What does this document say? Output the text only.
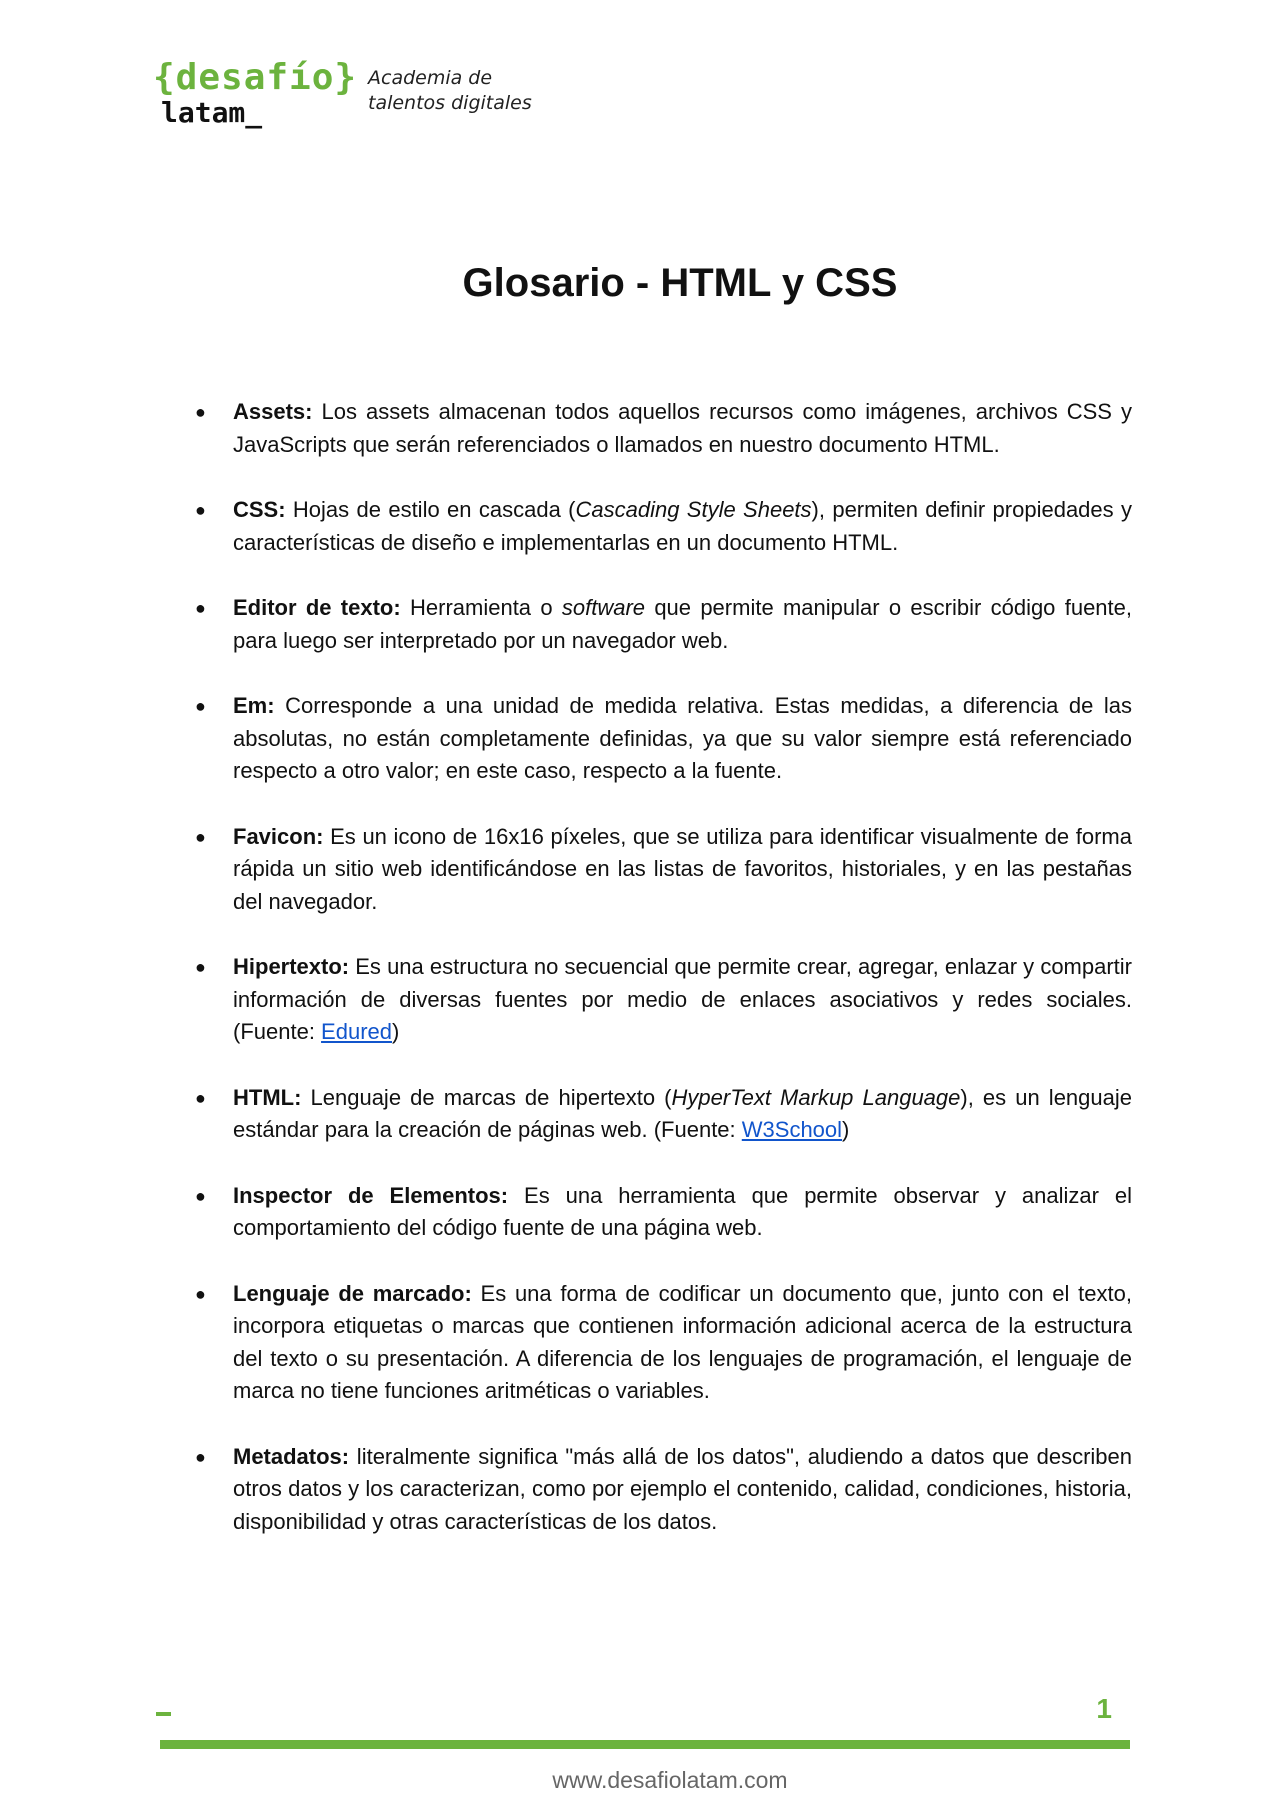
{desafío}
latam_
Academia de
talentos digitales
Glosario - HTML y CSS
● Assets: Los assets almacenan todos aquellos recursos como imágenes, archivos CSS y JavaScripts que serán referenciados o llamados en nuestro documento HTML.
● CSS: Hojas de estilo en cascada (Cascading Style Sheets), permiten definir propiedades y características de diseño e implementarlas en un documento HTML.
● Editor de texto: Herramienta o software que permite manipular o escribir código fuente, para luego ser interpretado por un navegador web.
● Em: Corresponde a una unidad de medida relativa. Estas medidas, a diferencia de las absolutas, no están completamente definidas, ya que su valor siempre está referenciado respecto a otro valor; en este caso, respecto a la fuente.
● Favicon: Es un icono de 16x16 píxeles, que se utiliza para identificar visualmente de forma rápida un sitio web identificándose en las listas de favoritos, historiales, y en las pestañas del navegador.
● Hipertexto: Es una estructura no secuencial que permite crear, agregar, enlazar y compartir información de diversas fuentes por medio de enlaces asociativos y redes sociales. (Fuente: Edured)
● HTML: Lenguaje de marcas de hipertexto (HyperText Markup Language), es un lenguaje estándar para la creación de páginas web. (Fuente: W3School)
● Inspector de Elementos: Es una herramienta que permite observar y analizar el comportamiento del código fuente de una página web.
● Lenguaje de marcado: Es una forma de codificar un documento que, junto con el texto, incorpora etiquetas o marcas que contienen información adicional acerca de la estructura del texto o su presentación. A diferencia de los lenguajes de programación, el lenguaje de marca no tiene funciones aritméticas o variables.
● Metadatos: literalmente significa "más allá de los datos", aludiendo a datos que describen otros datos y los caracterizan, como por ejemplo el contenido, calidad, condiciones, historia, disponibilidad y otras características de los datos.
1
www.desafiolatam.com
